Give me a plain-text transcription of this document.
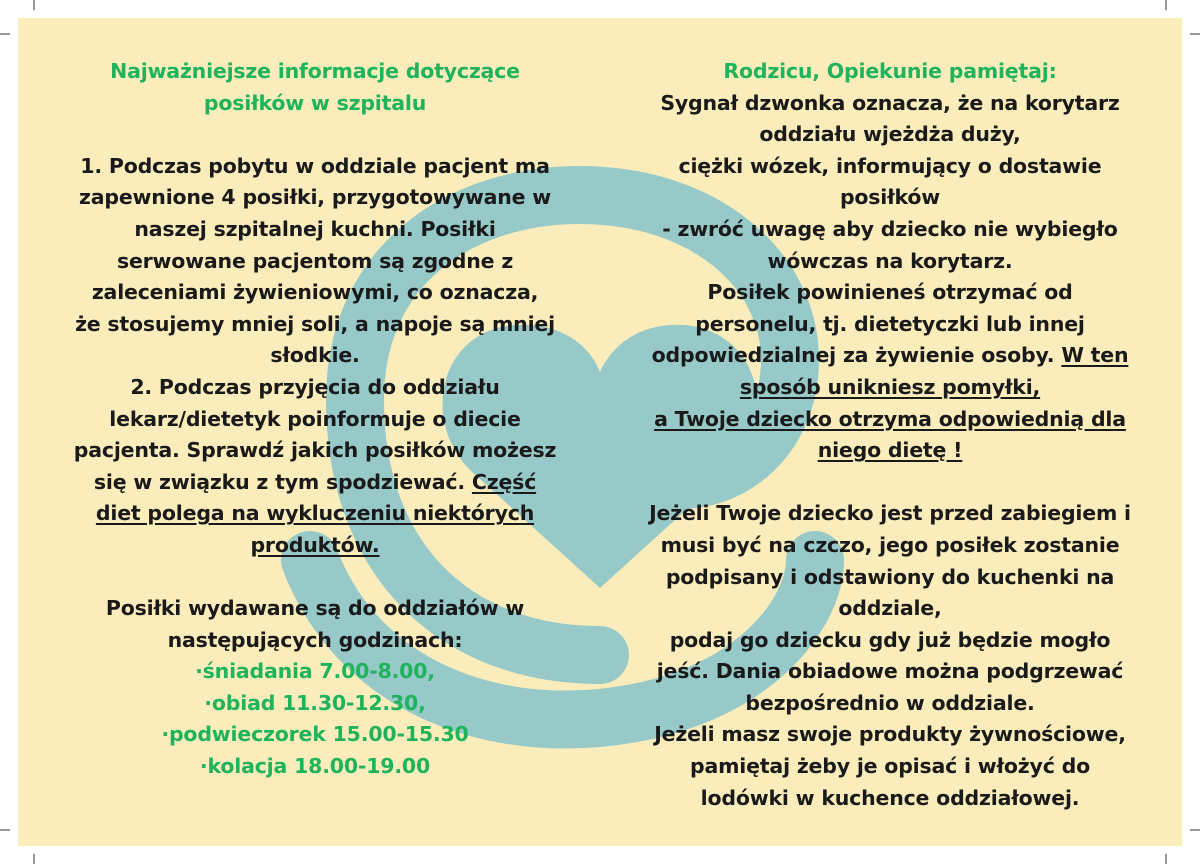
Najważniejsze informacje dotyczące
posiłków w szpitalu
1. Podczas pobytu w oddziale pacjent ma
zapewnione 4 posiłki, przygotowywane w
naszej szpitalnej kuchni. Posiłki
serwowane pacjentom są zgodne z
zaleceniami żywieniowymi, co oznacza,
że stosujemy mniej soli, a napoje są mniej
słodkie.
2. Podczas przyjęcia do oddziału
lekarz/dietetyk poinformuje o diecie
pacjenta. Sprawdź jakich posiłków możesz
się w związku z tym spodziewać. Część
diet polega na wykluczeniu niektórych
produktów.
Posiłki wydawane są do oddziałów w
następujących godzinach:
·śniadania 7.00-8.00,
·obiad 11.30-12.30,
·podwieczorek 15.00-15.30
·kolacja 18.00-19.00
Rodzicu, Opiekunie pamiętaj:
Sygnał dzwonka oznacza, że na korytarz
oddziału wjeżdża duży,
ciężki wózek, informujący o dostawie
posiłków
- zwróć uwagę aby dziecko nie wybiegło
wówczas na korytarz.
Posiłek powinieneś otrzymać od
personelu, tj. dietetyczki lub innej
odpowiedzialnej za żywienie osoby. W ten
sposób unikniesz pomyłki,
a Twoje dziecko otrzyma odpowiednią dla
niego dietę !
Jeżeli Twoje dziecko jest przed zabiegiem i
musi być na czczo, jego posiłek zostanie
podpisany i odstawiony do kuchenki na
oddziale,
podaj go dziecku gdy już będzie mogło
jeść. Dania obiadowe można podgrzewać
bezpośrednio w oddziale.
Jeżeli masz swoje produkty żywnościowe,
pamiętaj żeby je opisać i włożyć do
lodówki w kuchence oddziałowej.
